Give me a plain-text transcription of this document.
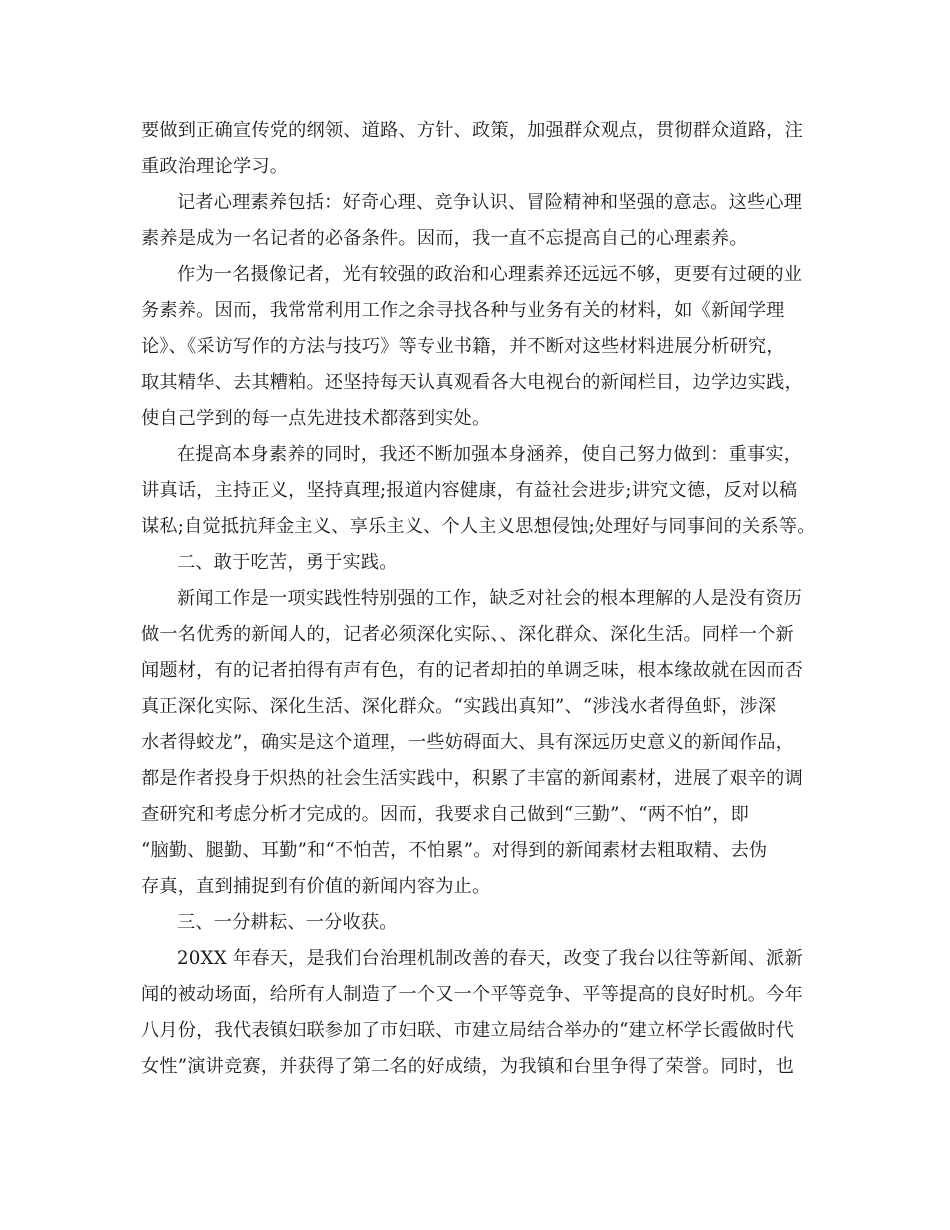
要做到正确宣传党的纲领、道路、方针、政策，加强群众观点，贯彻群众道路，注
重政治理论学习。
记者心理素养包括：好奇心理、竞争认识、冒险精神和坚强的意志。这些心理
素养是成为一名记者的必备条件。因而，我一直不忘提高自己的心理素养。
作为一名摄像记者，光有较强的政治和心理素养还远远不够，更要有过硬的业
务素养。因而，我常常利用工作之余寻找各种与业务有关的材料，如《新闻学理
论》、《采访写作的方法与技巧》等专业书籍，并不断对这些材料进展分析研究，
取其精华、去其糟粕。还坚持每天认真观看各大电视台的新闻栏目，边学边实践，
使自己学到的每一点先进技术都落到实处。
在提高本身素养的同时，我还不断加强本身涵养，使自己努力做到：重事实，
讲真话，主持正义，坚持真理;报道内容健康，有益社会进步;讲究文德，反对以稿
谋私;自觉抵抗拜金主义、享乐主义、个人主义思想侵蚀;处理好与同事间的关系等。
二、敢于吃苦，勇于实践。
新闻工作是一项实践性特别强的工作，缺乏对社会的根本理解的人是没有资历
做一名优秀的新闻人的，记者必须深化实际、、深化群众、深化生活。同样一个新
闻题材，有的记者拍得有声有色，有的记者却拍的单调乏味，根本缘故就在因而否
真正深化实际、深化生活、深化群众。“实践出真知”、“涉浅水者得鱼虾，涉深
水者得蛟龙”，确实是这个道理，一些妨碍面大、具有深远历史意义的新闻作品，
都是作者投身于炽热的社会生活实践中，积累了丰富的新闻素材，进展了艰辛的调
查研究和考虑分析才完成的。因而，我要求自己做到“三勤”、“两不怕”，即
“脑勤、腿勤、耳勤”和“不怕苦，不怕累”。对得到的新闻素材去粗取精、去伪
存真，直到捕捉到有价值的新闻内容为止。
三、一分耕耘、一分收获。
20XX 年春天，是我们台治理机制改善的春天，改变了我台以往等新闻、派新
闻的被动场面，给所有人制造了一个又一个平等竞争、平等提高的良好时机。今年
八月份，我代表镇妇联参加了市妇联、市建立局结合举办的“建立杯学长霞做时代
女性”演讲竞赛，并获得了第二名的好成绩，为我镇和台里争得了荣誉。同时，也
